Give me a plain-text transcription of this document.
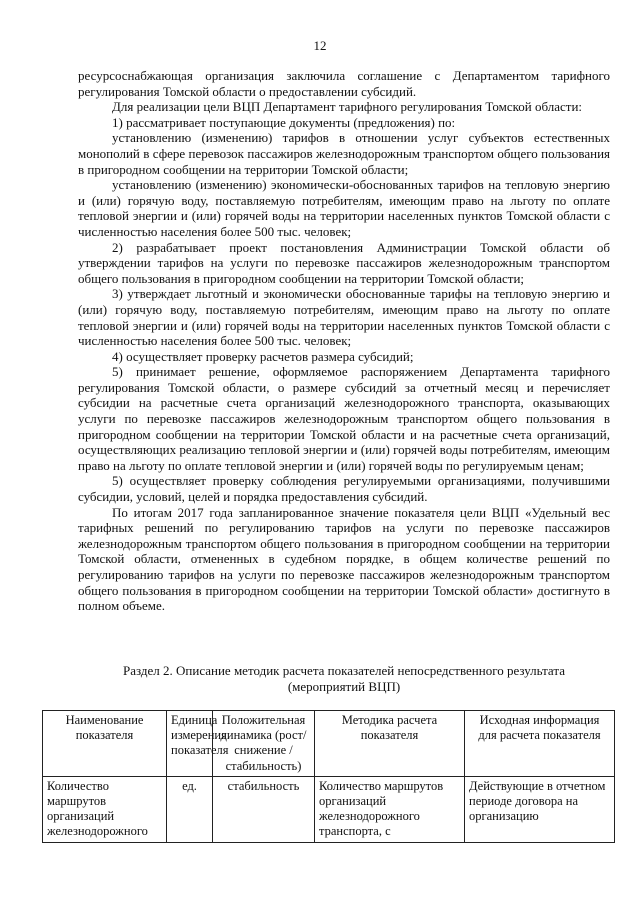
12

ресурсоснабжающая организация заключила соглашение с Департаментом тарифного регулирования Томской области о предоставлении субсидий.

Для реализации цели ВЦП Департамент тарифного регулирования Томской области:

1) рассматривает поступающие документы (предложения) по:

установлению (изменению) тарифов в отношении услуг субъектов естественных монополий в сфере перевозок пассажиров железнодорожным транспортом общего пользования в пригородном сообщении на территории Томской области;

установлению (изменению) экономически-обоснованных тарифов на тепловую энергию и (или) горячую воду, поставляемую потребителям, имеющим право на льготу по оплате тепловой энергии и (или) горячей воды на территории населенных пунктов Томской области с численностью населения более 500 тыс. человек;

2) разрабатывает проект постановления Администрации Томской области об утверждении тарифов на услуги по перевозке пассажиров железнодорожным транспортом общего пользования в пригородном сообщении на территории Томской области;

3) утверждает льготный и экономически обоснованные тарифы на тепловую энергию и (или) горячую воду, поставляемую потребителям, имеющим право на льготу по оплате тепловой энергии и (или) горячей воды на территории населенных пунктов Томской области с численностью населения более 500 тыс. человек;

4) осуществляет проверку расчетов размера субсидий;

5) принимает решение, оформляемое распоряжением Департамента тарифного регулирования Томской области, о размере субсидий за отчетный месяц и перечисляет субсидии на расчетные счета организаций железнодорожного транспорта, оказывающих услуги по перевозке пассажиров железнодорожным транспортом общего пользования в пригородном сообщении на территории Томской области и на расчетные счета организаций, осуществляющих реализацию тепловой энергии и (или) горячей воды потребителям, имеющим право на льготу по оплате тепловой энергии и (или) горячей воды по регулируемым ценам;

5) осуществляет проверку соблюдения регулируемыми организациями, получившими субсидии, условий, целей и порядка предоставления субсидий.

По итогам 2017 года запланированное значение показателя цели ВЦП «Удельный вес тарифных решений по регулированию тарифов на услуги по перевозке пассажиров железнодорожным транспортом общего пользования в пригородном сообщении на территории Томской области, отмененных в судебном порядке, в общем количестве решений по регулированию тарифов на услуги по перевозке пассажиров железнодорожным транспортом общего пользования в пригородном сообщении на территории Томской области» достигнуто в полном объеме.

Раздел 2. Описание методик расчета показателей непосредственного результата
(мероприятий ВЦП)
Наименование показателя	Единица измерения показателя	Положительная динамика (рост/снижение /стабильность)	Методика расчета показателя	Исходная информация для расчета показателя
Количество маршрутов организаций железнодорожного	ед.	стабильность	Количество маршрутов организаций железнодорожного транспорта, с	Действующие в отчетном периоде договора на организацию
